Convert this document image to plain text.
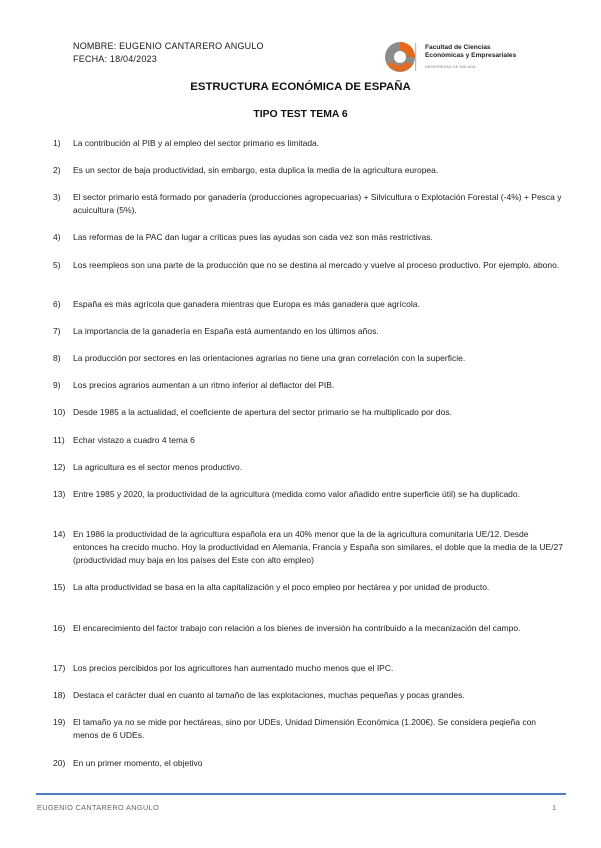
NOMBRE: EUGENIO CANTARERO ANGULO
FECHA: 18/04/2023
Facultad de Ciencias
Económicas y Empresariales
UNIVERSIDAD DE MÁLAGA
ESTRUCTURA ECONÓMICA DE ESPAÑA
TIPO TEST TEMA 6
1)	La contribución al PIB y al empleo del sector primario es limitada.
2)	Es un sector de baja productividad, sin embargo, esta duplica la media de la agricultura europea.
3)	El sector primario está formado por ganadería (producciones agropecuarias) + Silvicultura o Explotación Forestal (-4%) + Pesca y acuicultura (5%).
4)	Las reformas de la PAC dan lugar a críticas pues las ayudas son cada vez son más restrictivas.
5)	Los reempleos son una parte de la producción que no se destina al mercado y vuelve al proceso productivo. Por ejemplo, abono.
6)	España es más agrícola que ganadera mientras que Europa es más ganadera que agrícola.
7)	La importancia de la ganadería en España está aumentando en los últimos años.
8)	La producción por sectores en las orientaciones agrarias no tiene una gran correlación con la superficie.
9)	Los precios agrarios aumentan a un ritmo inferior al deflactor del PIB.
10) Desde 1985 a la actualidad, el coeficiente de apertura del sector primario se ha multiplicado por dos.
11) Echar vistazo a cuadro 4 tema 6
12) La agricultura es el sector menos productivo.
13) Entre 1985 y 2020, la productividad de la agricultura (medida como valor añadido entre superficie útil) se ha duplicado.
14) En 1986 la productividad de la agricultura española era un 40% menor que la de la agricultura comunitaria UE/12. Desde entonces ha crecido mucho. Hoy la productividad en Alemania, Francia y España son similares, el doble que la media de la UE/27 (productividad muy baja en los países del Este con alto empleo)
15) La alta productividad se basa en la alta capitalización y el poco empleo por hectárea y por unidad de producto.
16) El encarecimiento del factor trabajo con relación a los bienes de inversión ha contribuido a la mecanización del campo.
17) Los precios percibidos por los agricultores han aumentado mucho menos que el IPC.
18) Destaca el carácter dual en cuanto al tamaño de las explotaciones, muchas pequeñas y pocas grandes.
19) El tamaño ya no se mide por hectáreas, sino por UDEs, Unidad Dimensión Económica (1.200€). Se considera peqieña con menos de 6 UDEs.
20) En un primer momento, el objetivo
EUGENIO CANTARERO ANGULO	1
